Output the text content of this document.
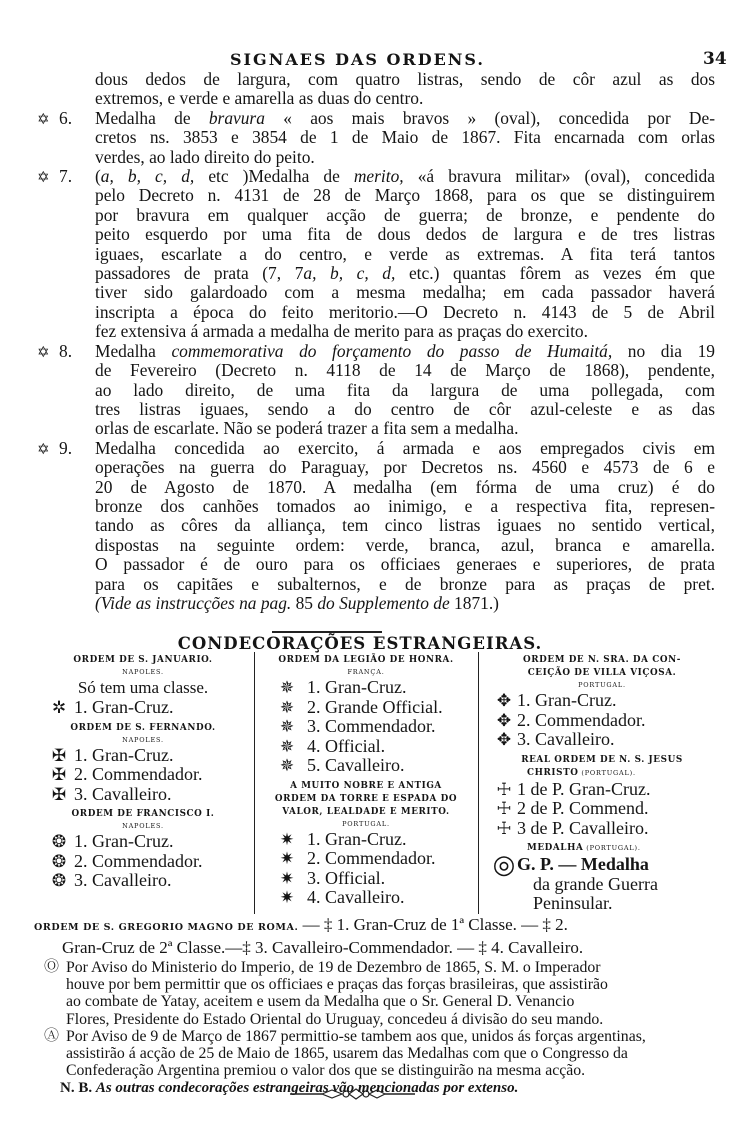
SIGNAES DAS ORDENS.	34
dous dedos de largura, com quatro listras, sendo de côr azul as dos
extremos, e verde e amarella as duas do centro.
✡ 6.	Medalha de bravura « aos mais bravos » (oval), concedida por De-
cretos ns. 3853 e 3854 de 1 de Maio de 1867. Fita encarnada com orlas
verdes, ao lado direito do peito.
✡ 7.	(a, b, c, d, etc )Medalha de merito, «á bravura militar» (oval), concedida
pelo Decreto n. 4131 de 28 de Março 1868, para os que se distinguirem
por bravura em qualquer acção de guerra; de bronze, e pendente do
peito esquerdo por uma fita de dous dedos de largura e de tres listras
iguaes, escarlate a do centro, e verde as extremas. A fita terá tantos
passadores de prata (7, 7a, b, c, d, etc.) quantas fôrem as vezes ém que
tiver sido galardoado com a mesma medalha; em cada passador haverá
inscripta a época do feito meritorio.—O Decreto n. 4143 de 5 de Abril
fez extensiva á armada a medalha de merito para as praças do exercito.
✡ 8.	Medalha commemorativa do forçamento do passo de Humaitá, no dia 19
de Fevereiro (Decreto n. 4118 de 14 de Março de 1868), pendente,
ao lado direito, de uma fita da largura de uma pollegada, com
tres listras iguaes, sendo a do centro de côr azul-celeste e as das
orlas de escarlate. Não se poderá trazer a fita sem a medalha.
✡ 9.	Medalha concedida ao exercito, á armada e aos empregados civis em
operações na guerra do Paraguay, por Decretos ns. 4560 e 4573 de 6 e
20 de Agosto de 1870. A medalha (em fórma de uma cruz) é do
bronze dos canhões tomados ao inimigo, e a respectiva fita, represen-
tando as côres da alliança, tem cinco listras iguaes no sentido vertical,
dispostas na seguinte ordem: verde, branca, azul, branca e amarella.
O passador é de ouro para os officiaes generaes e superiores, de prata
para os capitães e subalternos, e de bronze para as praças de pret.
(Vide as instrucções na pag. 85 do Supplemento de 1871.)
CONDECORAÇÕES ESTRANGEIRAS.
ORDEM DE S. JANUARIO.
NAPOLES.
Só tem uma classe.
✲ 1. Gran-Cruz.
ORDEM DE S. FERNANDO.
NAPOLES.
✠ 1. Gran-Cruz.
✠ 2. Commendador.
✠ 3. Cavalleiro.
ORDEM DE FRANCISCO I.
NAPOLES.
❂ 1. Gran-Cruz.
❂ 2. Commendador.
❂ 3. Cavalleiro.
ORDEM DA LEGIÃO DE HONRA.
FRANÇA.
✵ 1. Gran-Cruz.
✵ 2. Grande Official.
✵ 3. Commendador.
✵ 4. Official.
✵ 5. Cavalleiro.
A MUITO NOBRE E ANTIGA
ORDEM DA TORRE E ESPADA DO
VALOR, LEALDADE E MERITO.
PORTUGAL.
✷ 1. Gran-Cruz.
✷ 2. Commendador.
✷ 3. Official.
✷ 4. Cavalleiro.
ORDEM DE N. SRA. DA CON-
CEIÇÃO DE VILLA VIÇOSA.
PORTUGAL.
✥ 1. Gran-Cruz.
✥ 2. Commendador.
✥ 3. Cavalleiro.
REAL ORDEM DE N. S. JESUS
CHRISTO (PORTUGAL).
☩ 1 de P. Gran-Cruz.
☩ 2 de P. Commend.
☩ 3 de P. Cavalleiro.
MEDALHA (PORTUGAL).
◎G. P. — Medalha
da grande Guerra
Peninsular.
ORDEM DE S. GREGORIO MAGNO DE ROMA. — ‡ 1. Gran-Cruz de 1ª Classe. — ‡ 2.
Gran-Cruz de 2ª Classe.—‡ 3. Cavalleiro-Commendador. — ‡ 4. Cavalleiro.
Ⓞ Por Aviso do Ministerio do Imperio, de 19 de Dezembro de 1865, S. M. o Imperador
houve por bem permittir que os officiaes e praças das forças brasileiras, que assistirão
ao combate de Yatay, aceitem e usem da Medalha que o Sr. General D. Venancio
Flores, Presidente do Estado Oriental do Uruguay, concedeu á divisão do seu mando.
Ⓐ Por Aviso de 9 de Março de 1867 permittio-se tambem aos que, unidos ás forças argentinas,
assistirão á acção de 25 de Maio de 1865, usarem das Medalhas com que o Congresso da
Confederação Argentina premiou o valor dos que se distinguirão na mesma acção.
N. B. As outras condecorações estrangeiras vão mencionadas por extenso.
